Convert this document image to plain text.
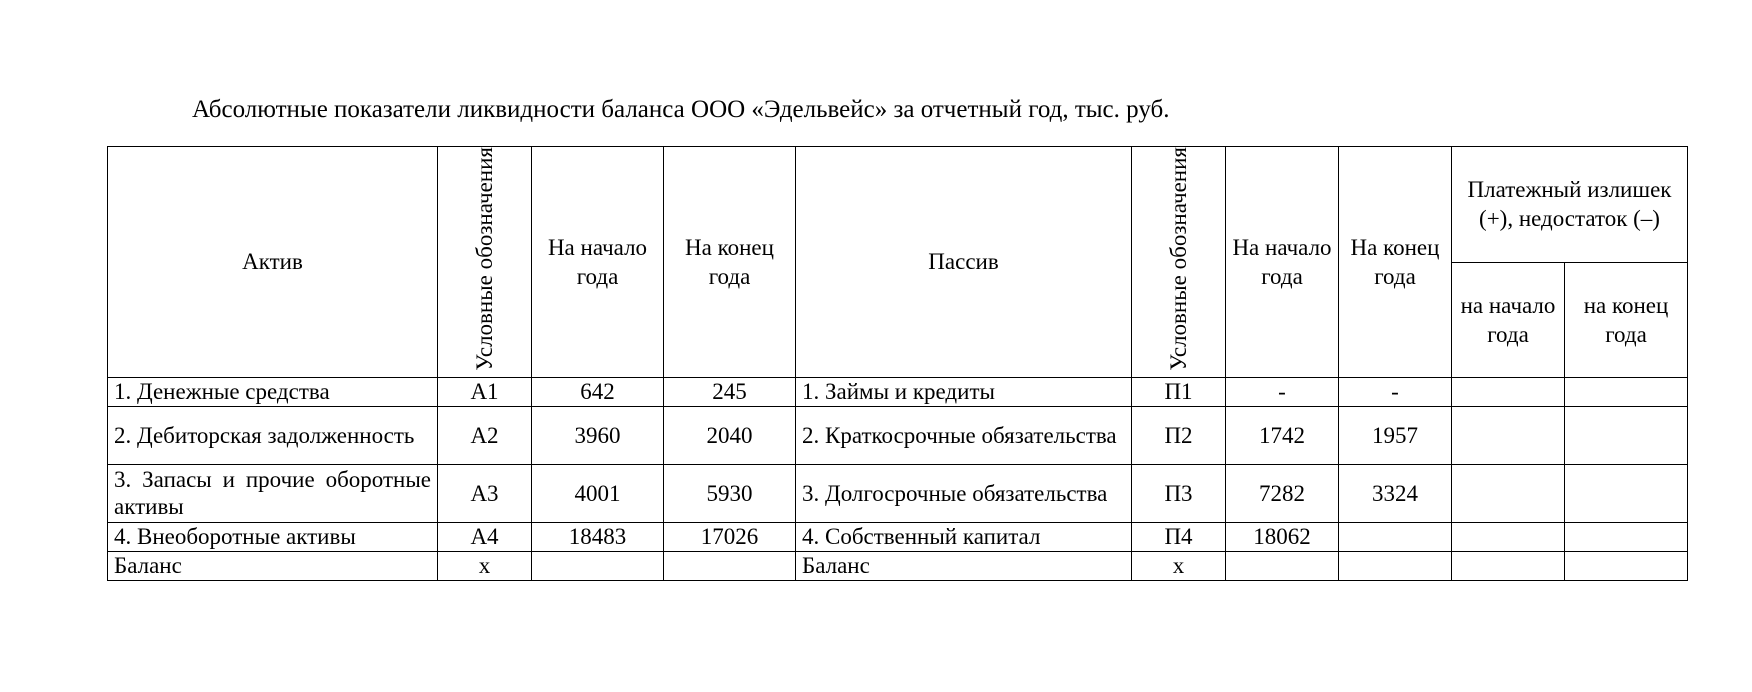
Абсолютные показатели ликвидности баланса ООО «Эдельвейс» за отчетный год, тыс. руб.
Актив	Условные обозначения	На начало года	На конец года	Пассив	Условные обозначения	На начало года	На конец года	Платежный излишек (+), недостаток (–)	
								на начало года	на конец года
1. Денежные средства	А1	642	245	1. Займы и кредиты	П1	-	-		
2. Дебиторская задолженность	А2	3960	2040	2. Краткосрочные обязательства	П2	1742	1957		
3. Запасы и прочие оборотные активы	А3	4001	5930	3. Долгосрочные обязательства	П3	7282	3324		
4. Внеоборотные активы	А4	18483	17026	4. Собственный капитал	П4	18062			
Баланс	х			Баланс	х				
